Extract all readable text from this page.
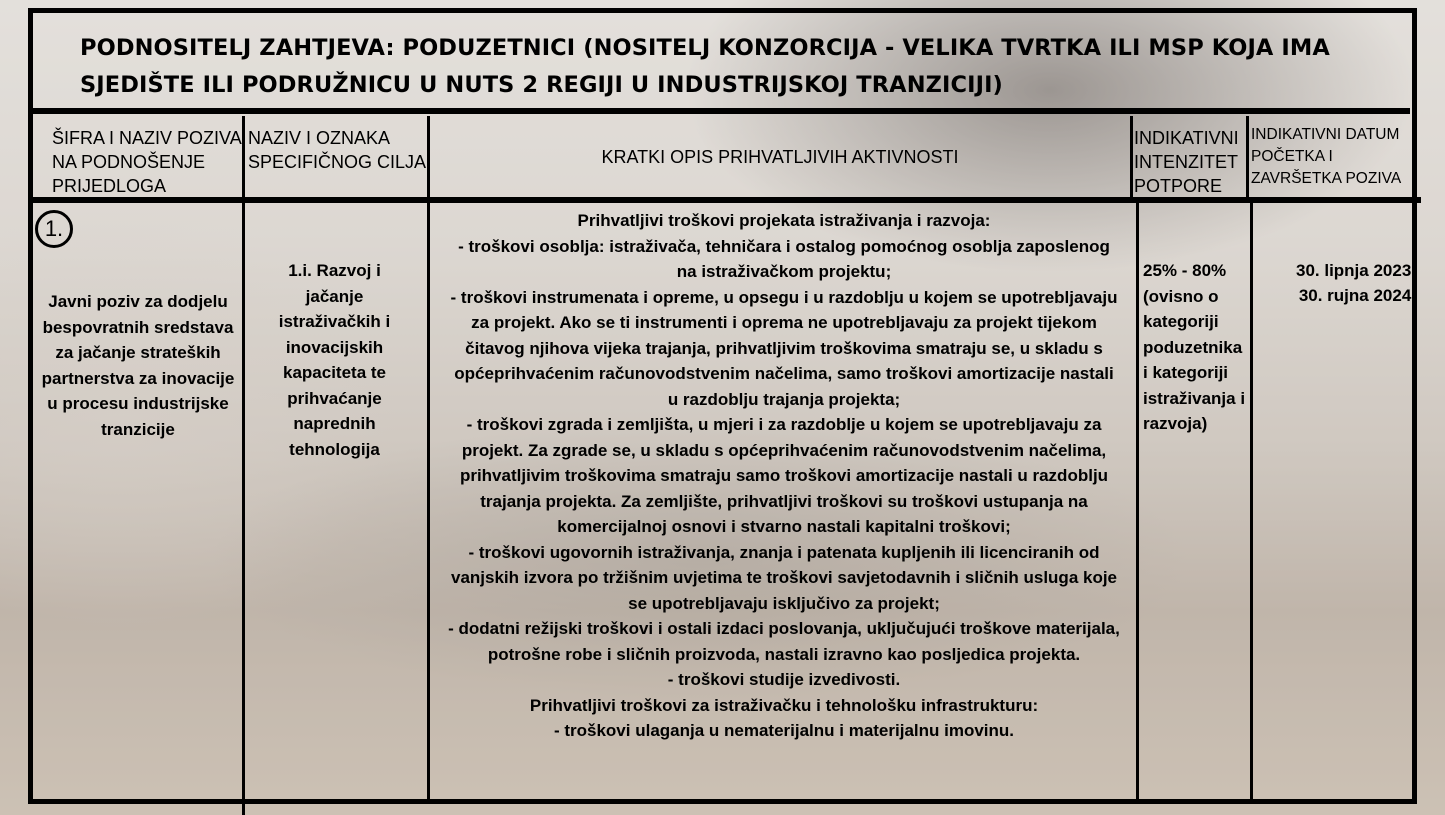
PODNOSITELJ ZAHTJEVA: PODUZETNICI (NOSITELJ KONZORCIJA - VELIKA TVRTKA ILI MSP KOJA IMA SJEDIŠTE ILI PODRUŽNICU U NUTS 2 REGIJI U INDUSTRIJSKOJ TRANZICIJI)
ŠIFRA I NAZIV POZIVA NA PODNOŠENJE PRIJEDLOGA
NAZIV I OZNAKA SPECIFIČNOG CILJA	KRATKI OPIS PRIHVATLJIVIH AKTIVNOSTI
INDIKATIVNI INTENZITET POTPORE
INDIKATIVNI DATUM POČETKA I ZAVRŠETKA POZIVA
1.
Javni poziv za dodjelu bespovratnih sredstava za jačanje strateških partnerstva za inovacije u procesu industrijske tranzicije
1.i. Razvoj i jačanje istraživačkih i inovacijskih kapaciteta te prihvaćanje naprednih tehnologija
Prihvatljivi troškovi projekata istraživanja i razvoja:
- troškovi osoblja: istraživača, tehničara i ostalog pomoćnog osoblja zaposlenog na istraživačkom projektu;
- troškovi instrumenata i opreme, u opsegu i u razdoblju u kojem se upotrebljavaju za projekt. Ako se ti instrumenti i oprema ne upotrebljavaju za projekt tijekom čitavog njihova vijeka trajanja, prihvatljivim troškovima smatraju se, u skladu s općeprihvaćenim računovodstvenim načelima, samo troškovi amortizacije nastali u razdoblju trajanja projekta;
- troškovi zgrada i zemljišta, u mjeri i za razdoblje u kojem se upotrebljavaju za projekt. Za zgrade se, u skladu s općeprihvaćenim računovodstvenim načelima, prihvatljivim troškovima smatraju samo troškovi amortizacije nastali u razdoblju trajanja projekta. Za zemljište, prihvatljivi troškovi su troškovi ustupanja na komercijalnoj osnovi i stvarno nastali kapitalni troškovi;
- troškovi ugovornih istraživanja, znanja i patenata kupljenih ili licenciranih od vanjskih izvora po tržišnim uvjetima te troškovi savjetodavnih i sličnih usluga koje se upotrebljavaju isključivo za projekt;
- dodatni režijski troškovi i ostali izdaci poslovanja, uključujući troškove materijala, potrošne robe i sličnih proizvoda, nastali izravno kao posljedica projekta.
- troškovi studije izvedivosti.
Prihvatljivi troškovi za istraživačku i tehnološku infrastrukturu:
- troškovi ulaganja u nematerijalnu i materijalnu imovinu.
25% - 80% (ovisno o kategoriji poduzetnika i kategoriji istraživanja i razvoja)
30. lipnja 2023.
30. rujna 2024.
